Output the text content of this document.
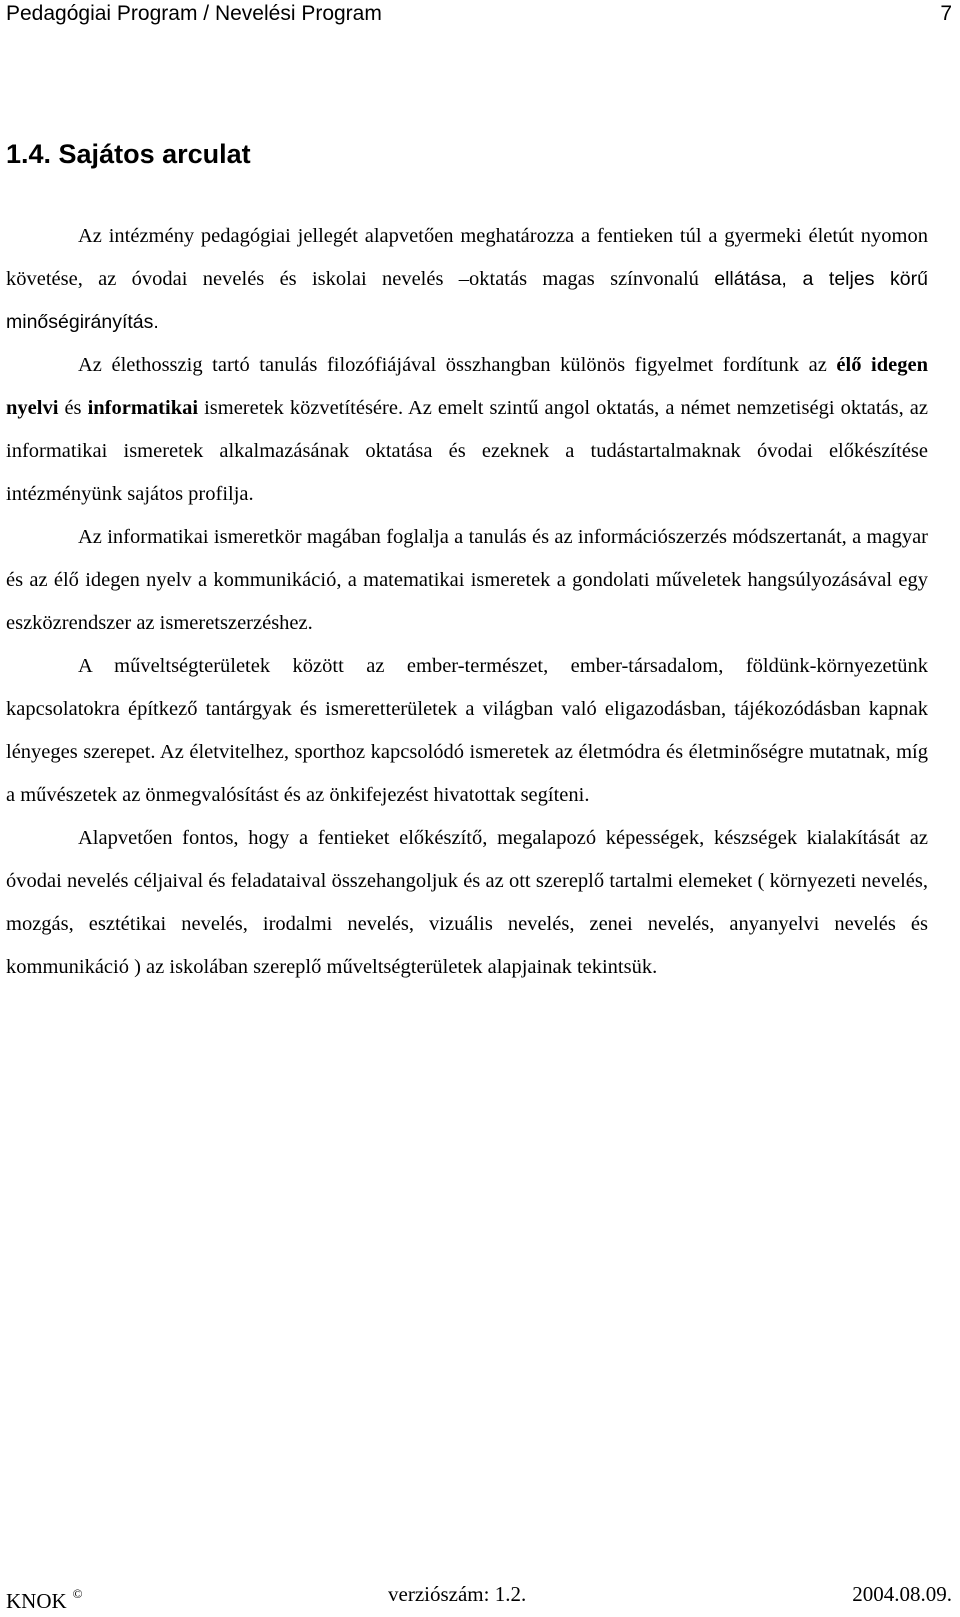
Pedagógiai Program / Nevelési Program	7
1.4. Sajátos arculat

Az intézmény pedagógiai jellegét alapvetően meghatározza a fentieken túl a gyermeki életút nyomon követése, az óvodai nevelés és iskolai nevelés –oktatás magas színvonalú ellátása, a teljes körű minőségirányítás.

Az élethosszig tartó tanulás filozófiájával összhangban különös figyelmet fordítunk az élő idegen nyelvi és informatikai ismeretek közvetítésére. Az emelt szintű angol oktatás, a német nemzetiségi oktatás, az informatikai ismeretek alkalmazásának oktatása és ezeknek a tudástartalmaknak óvodai előkészítése intézményünk sajátos profilja.

Az informatikai ismeretkör magában foglalja a tanulás és az információszerzés módszertanát, a magyar és az élő idegen nyelv a kommunikáció, a matematikai ismeretek a gondolati műveletek hangsúlyozásával egy eszközrendszer az ismeretszerzéshez.

A műveltségterületek között az ember-természet, ember-társadalom, földünk-környezetünk kapcsolatokra építkező tantárgyak és ismeretterületek a világban való eligazodásban, tájékozódásban kapnak lényeges szerepet. Az életvitelhez, sporthoz kapcsolódó ismeretek az életmódra és életminőségre mutatnak, míg a művészetek az önmegvalósítást és az önkifejezést hivatottak segíteni.

Alapvetően fontos, hogy a fentieket előkészítő, megalapozó képességek, készségek kialakítását az óvodai nevelés céljaival és feladataival összehangoljuk és az ott szereplő tartalmi elemeket ( környezeti nevelés, mozgás, esztétikai nevelés, irodalmi nevelés, vizuális nevelés, zenei nevelés, anyanyelvi nevelés és kommunikáció ) az iskolában szereplő műveltségterületek alapjainak tekintsük.

KNOK ©	verziószám: 1.2.	2004.08.09.
